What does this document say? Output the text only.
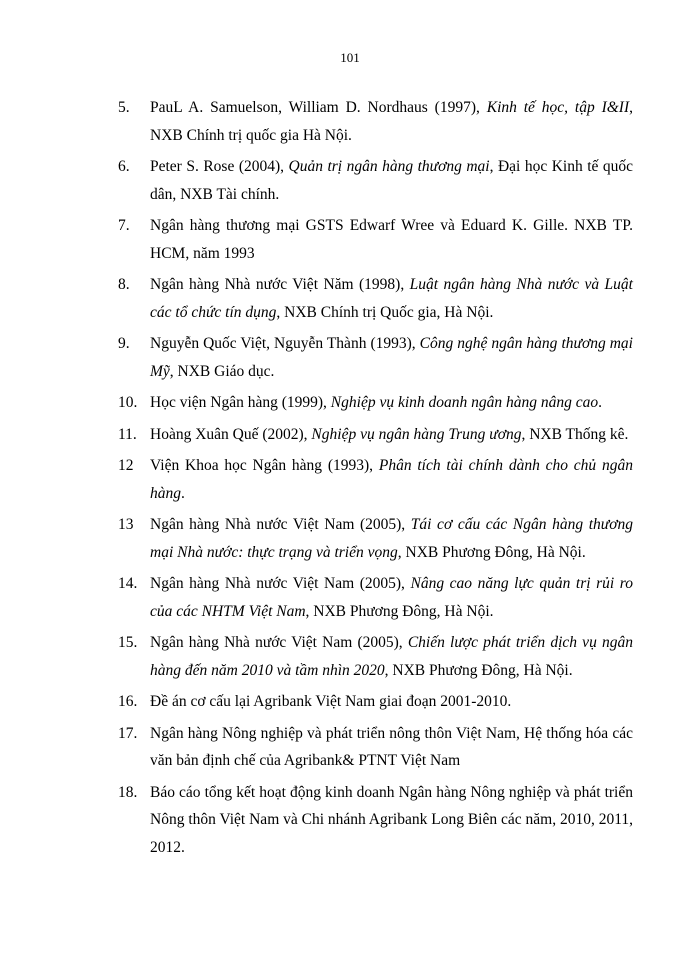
101
5. PauL A. Samuelson, William D. Nordhaus (1997), Kinh tế học, tập I&II, NXB Chính trị quốc gia Hà Nội.
6. Peter S. Rose (2004), Quản trị ngân hàng thương mại, Đại học Kinh tế quốc dân, NXB Tài chính.
7. Ngân hàng thương mại GSTS Edwarf Wree và Eduard K. Gille. NXB TP. HCM, năm 1993
8. Ngân hàng Nhà nước Việt Năm (1998), Luật ngân hàng Nhà nước và Luật các tổ chức tín dụng, NXB Chính trị Quốc gia, Hà Nội.
9. Nguyễn Quốc Việt, Nguyễn Thành (1993), Công nghệ ngân hàng thương mại Mỹ, NXB Giáo dục.
10. Học viện Ngân hàng (1999), Nghiệp vụ kinh doanh ngân hàng nâng cao.
11. Hoàng Xuân Quế (2002), Nghiệp vụ ngân hàng Trung ương, NXB Thống kê.
12 Viện Khoa học Ngân hàng (1993), Phân tích tài chính dành cho chủ ngân hàng.
13 Ngân hàng Nhà nước Việt Nam (2005), Tái cơ cấu các Ngân hàng thương mại Nhà nước: thực trạng và triển vọng, NXB Phương Đông, Hà Nội.
14. Ngân hàng Nhà nước Việt Nam (2005), Nâng cao năng lực quản trị rủi ro của các NHTM Việt Nam, NXB Phương Đông, Hà Nội.
15. Ngân hàng Nhà nước Việt Nam (2005), Chiến lược phát triển dịch vụ ngân hàng đến năm 2010 và tầm nhìn 2020, NXB Phương Đông, Hà Nội.
16. Đề án cơ cấu lại Agribank Việt Nam giai đoạn 2001-2010.
17. Ngân hàng Nông nghiệp và phát triển nông thôn Việt Nam, Hệ thống hóa các văn bản định chế của Agribank& PTNT Việt Nam
18. Báo cáo tổng kết hoạt động kinh doanh Ngân hàng Nông nghiệp và phát triển Nông thôn Việt Nam và Chi nhánh Agribank Long Biên các năm, 2010, 2011, 2012.
